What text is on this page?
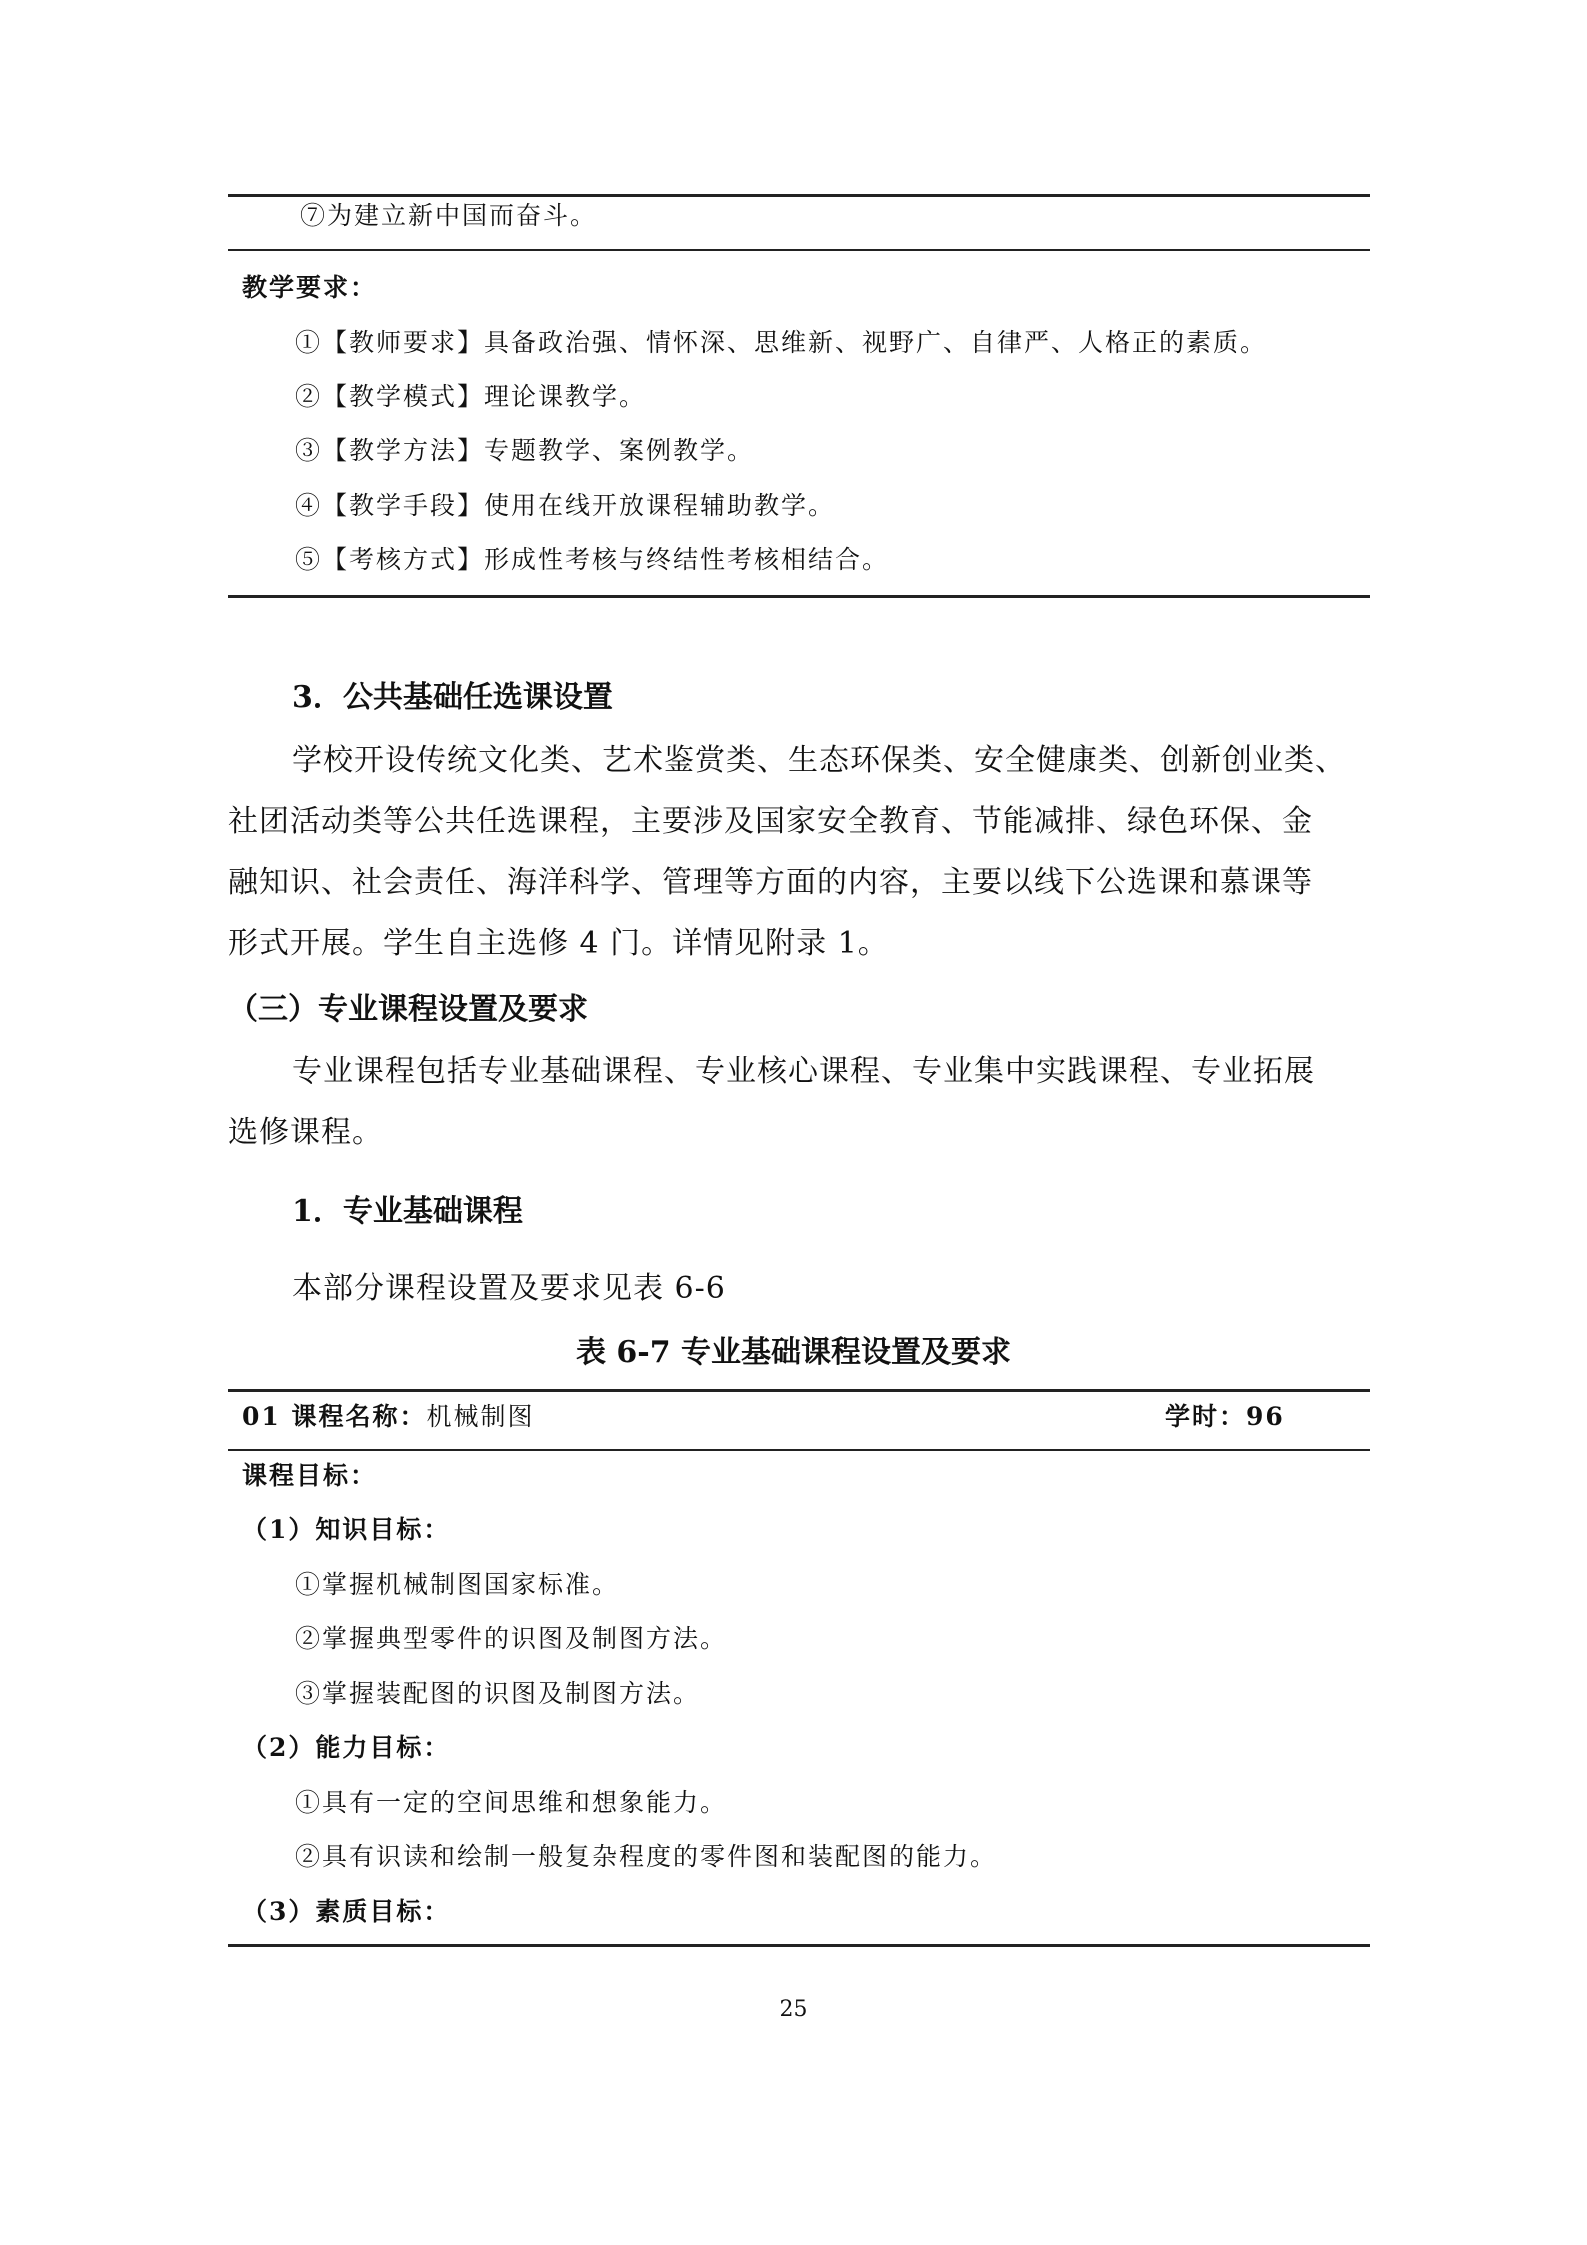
⑦为建立新中国而奋斗。
教学要求：
①【教师要求】具备政治强、情怀深、思维新、视野广、自律严、人格正的素质。
②【教学模式】理论课教学。
③【教学方法】专题教学、案例教学。
④【教学手段】使用在线开放课程辅助教学。
⑤【考核方式】形成性考核与终结性考核相结合。
3．公共基础任选课设置
学校开设传统文化类、艺术鉴赏类、生态环保类、安全健康类、创新创业类、
社团活动类等公共任选课程，主要涉及国家安全教育、节能减排、绿色环保、金
融知识、社会责任、海洋科学、管理等方面的内容，主要以线下公选课和慕课等
形式开展。学生自主选修 4 门。详情见附录 1。
（三）专业课程设置及要求
专业课程包括专业基础课程、专业核心课程、专业集中实践课程、专业拓展
选修课程。
1．专业基础课程
本部分课程设置及要求见表 6-6
表 6-7 专业基础课程设置及要求
01 课程名称：机械制图	学时：96
课程目标：
（1）知识目标：
①掌握机械制图国家标准。
②掌握典型零件的识图及制图方法。
③掌握装配图的识图及制图方法。
（2）能力目标：
①具有一定的空间思维和想象能力。
②具有识读和绘制一般复杂程度的零件图和装配图的能力。
（3）素质目标：
25
